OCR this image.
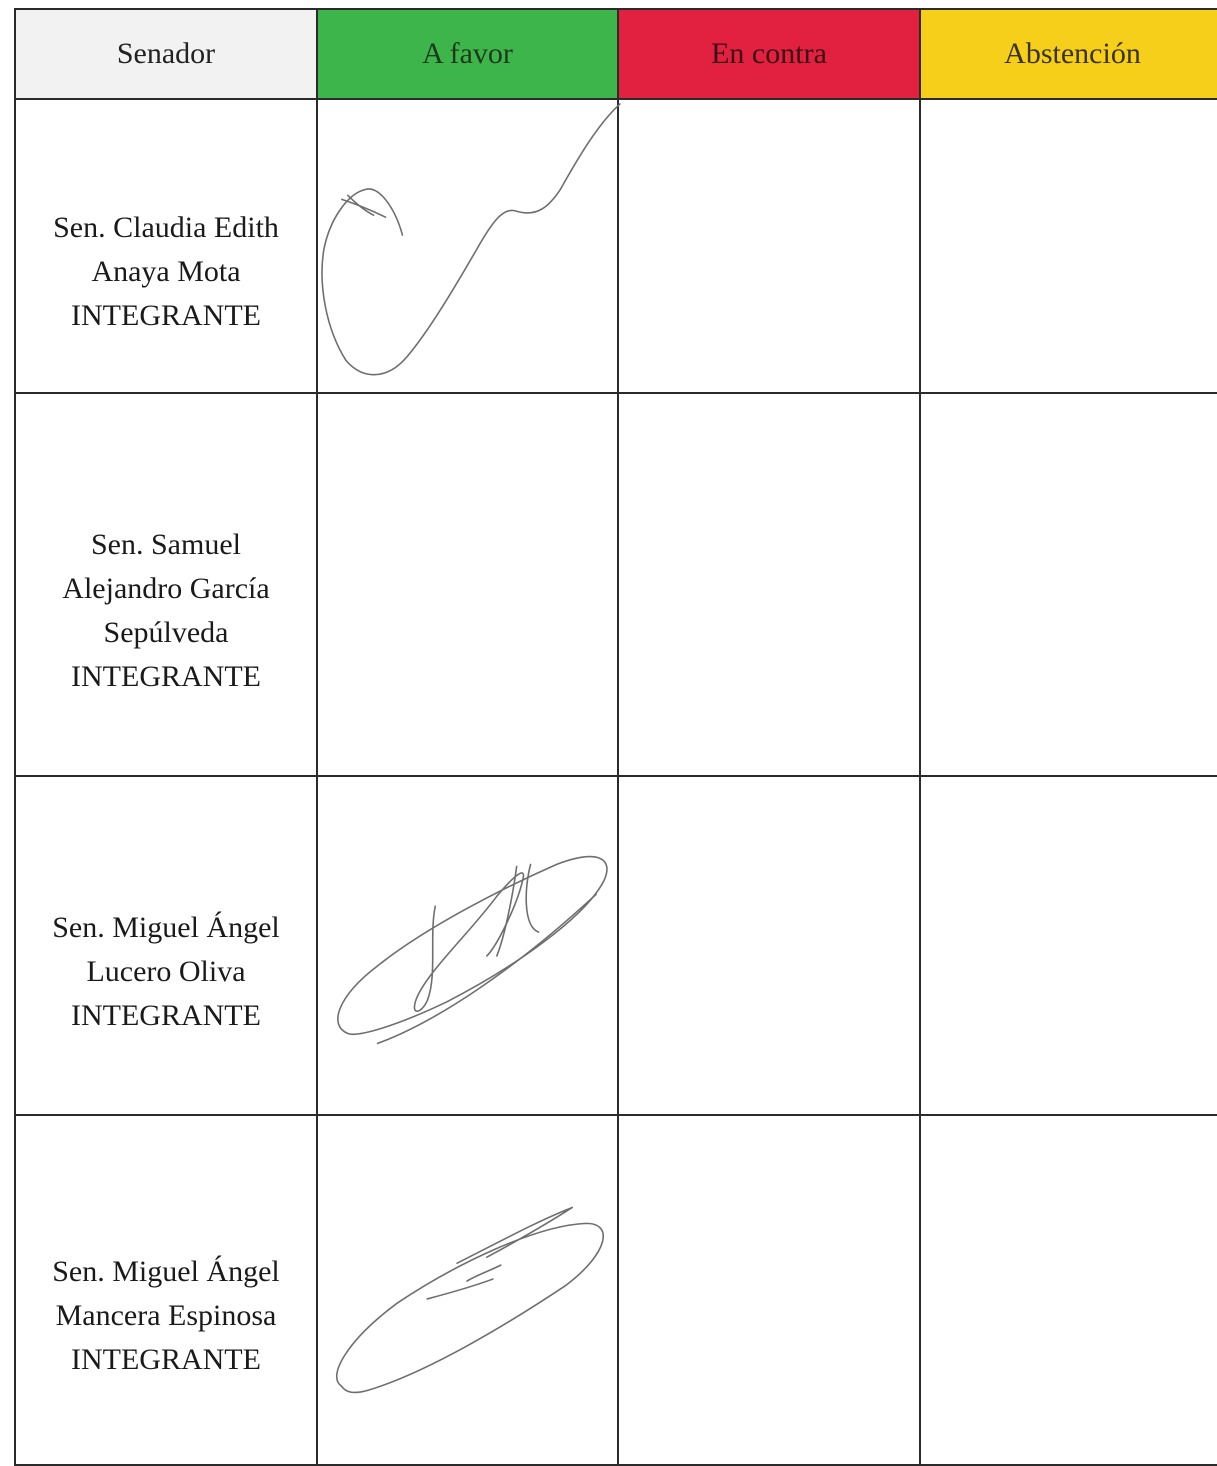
Senador	A favor	En contra	Abstención

Sen. Claudia Edith
Anaya Mota
INTEGRANTE

Sen. Samuel
Alejandro García
Sepúlveda
INTEGRANTE			

Sen. Miguel Ángel
Lucero Oliva
INTEGRANTE

Sen. Miguel Ángel
Mancera Espinosa
INTEGRANTE
